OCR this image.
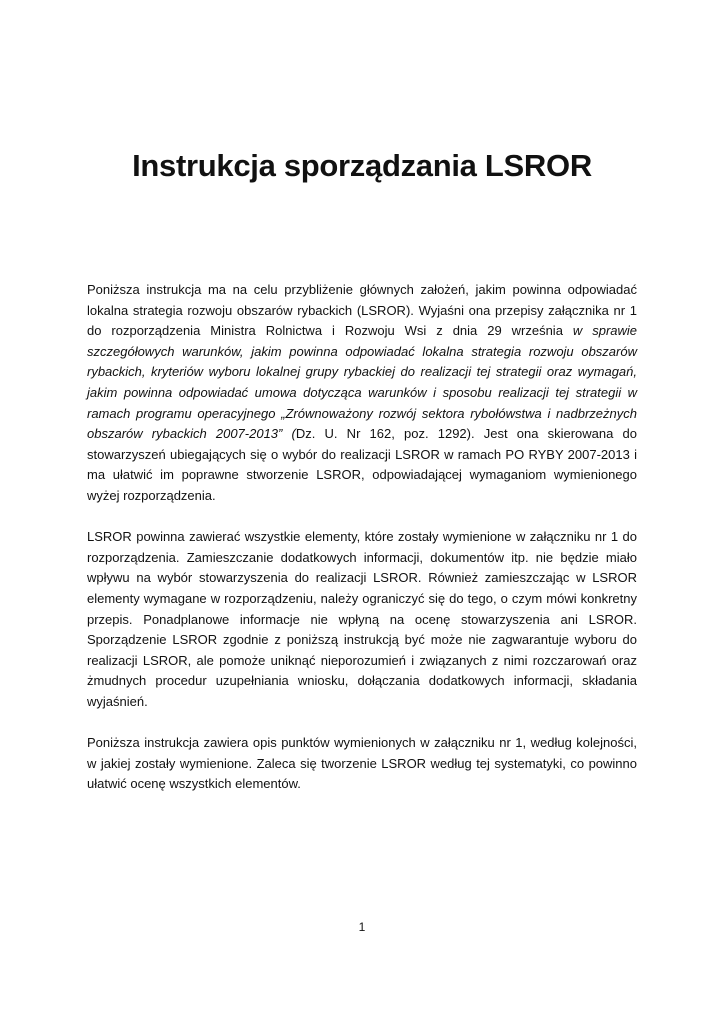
Instrukcja sporządzania LSROR

Poniższa instrukcja ma na celu przybliżenie głównych założeń, jakim powinna odpowiadać lokalna strategia rozwoju obszarów rybackich (LSROR). Wyjaśni ona przepisy załącznika nr 1 do rozporządzenia Ministra Rolnictwa i Rozwoju Wsi z dnia 29 września w sprawie szczegółowych warunków, jakim powinna odpowiadać lokalna strategia rozwoju obszarów rybackich, kryteriów wyboru lokalnej grupy rybackiej do realizacji tej strategii oraz wymagań, jakim powinna odpowiadać umowa dotycząca warunków i sposobu realizacji tej strategii w ramach programu operacyjnego „Zrównoważony rozwój sektora rybołówstwa i nadbrzeżnych obszarów rybackich 2007-2013” (Dz. U. Nr 162, poz. 1292). Jest ona skierowana do stowarzyszeń ubiegających się o wybór do realizacji LSROR w ramach PO RYBY 2007-2013 i ma ułatwić im poprawne stworzenie LSROR, odpowiadającej wymaganiom wymienionego wyżej rozporządzenia.

LSROR powinna zawierać wszystkie elementy, które zostały wymienione w załączniku nr 1 do rozporządzenia. Zamieszczanie dodatkowych informacji, dokumentów itp. nie będzie miało wpływu na wybór stowarzyszenia do realizacji LSROR. Również zamieszczając w LSROR elementy wymagane w rozporządzeniu, należy ograniczyć się do tego, o czym mówi konkretny przepis. Ponadplanowe informacje nie wpłyną na ocenę stowarzyszenia ani LSROR. Sporządzenie LSROR zgodnie z poniższą instrukcją być może nie zagwarantuje wyboru do realizacji LSROR, ale pomoże uniknąć nieporozumień i związanych z nimi rozczarowań oraz żmudnych procedur uzupełniania wniosku, dołączania dodatkowych informacji, składania wyjaśnień.

Poniższa instrukcja zawiera opis punktów wymienionych w załączniku nr 1, według kolejności, w jakiej zostały wymienione. Zaleca się tworzenie LSROR według tej systematyki, co powinno ułatwić ocenę wszystkich elementów.

1
